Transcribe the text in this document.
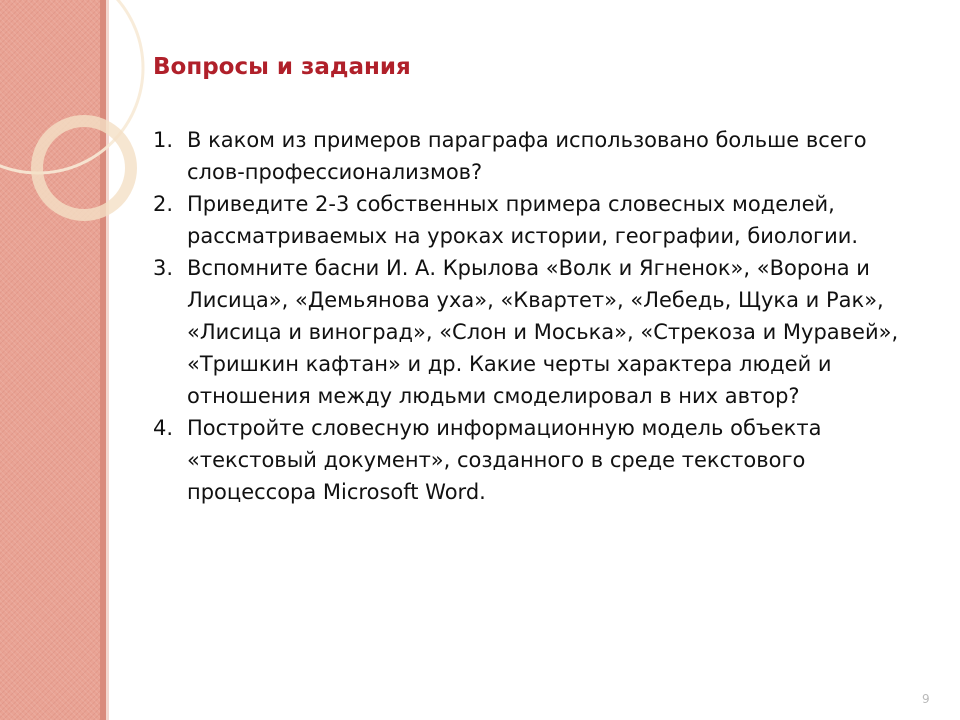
Вопросы и задания
1. В каком из примеров параграфа использовано больше всего слов-профессионализмов?
2. Приведите 2-3 собственных примера словесных моделей, рассматриваемых на уроках истории, географии, биологии.
3. Вспомните басни И. А. Крылова «Волк и Ягненок», «Ворона и Лисица», «Демьянова уха», «Квартет», «Лебедь, Щука и Рак», «Лисица и виноград», «Слон и Моська», «Стрекоза и Муравей», «Тришкин кафтан» и др. Какие черты характера людей и отношения между людьми смоделировал в них автор?
4. Постройте словесную информационную модель объекта «текстовый документ», созданного в среде текстового процессора Microsoft Word.
9
